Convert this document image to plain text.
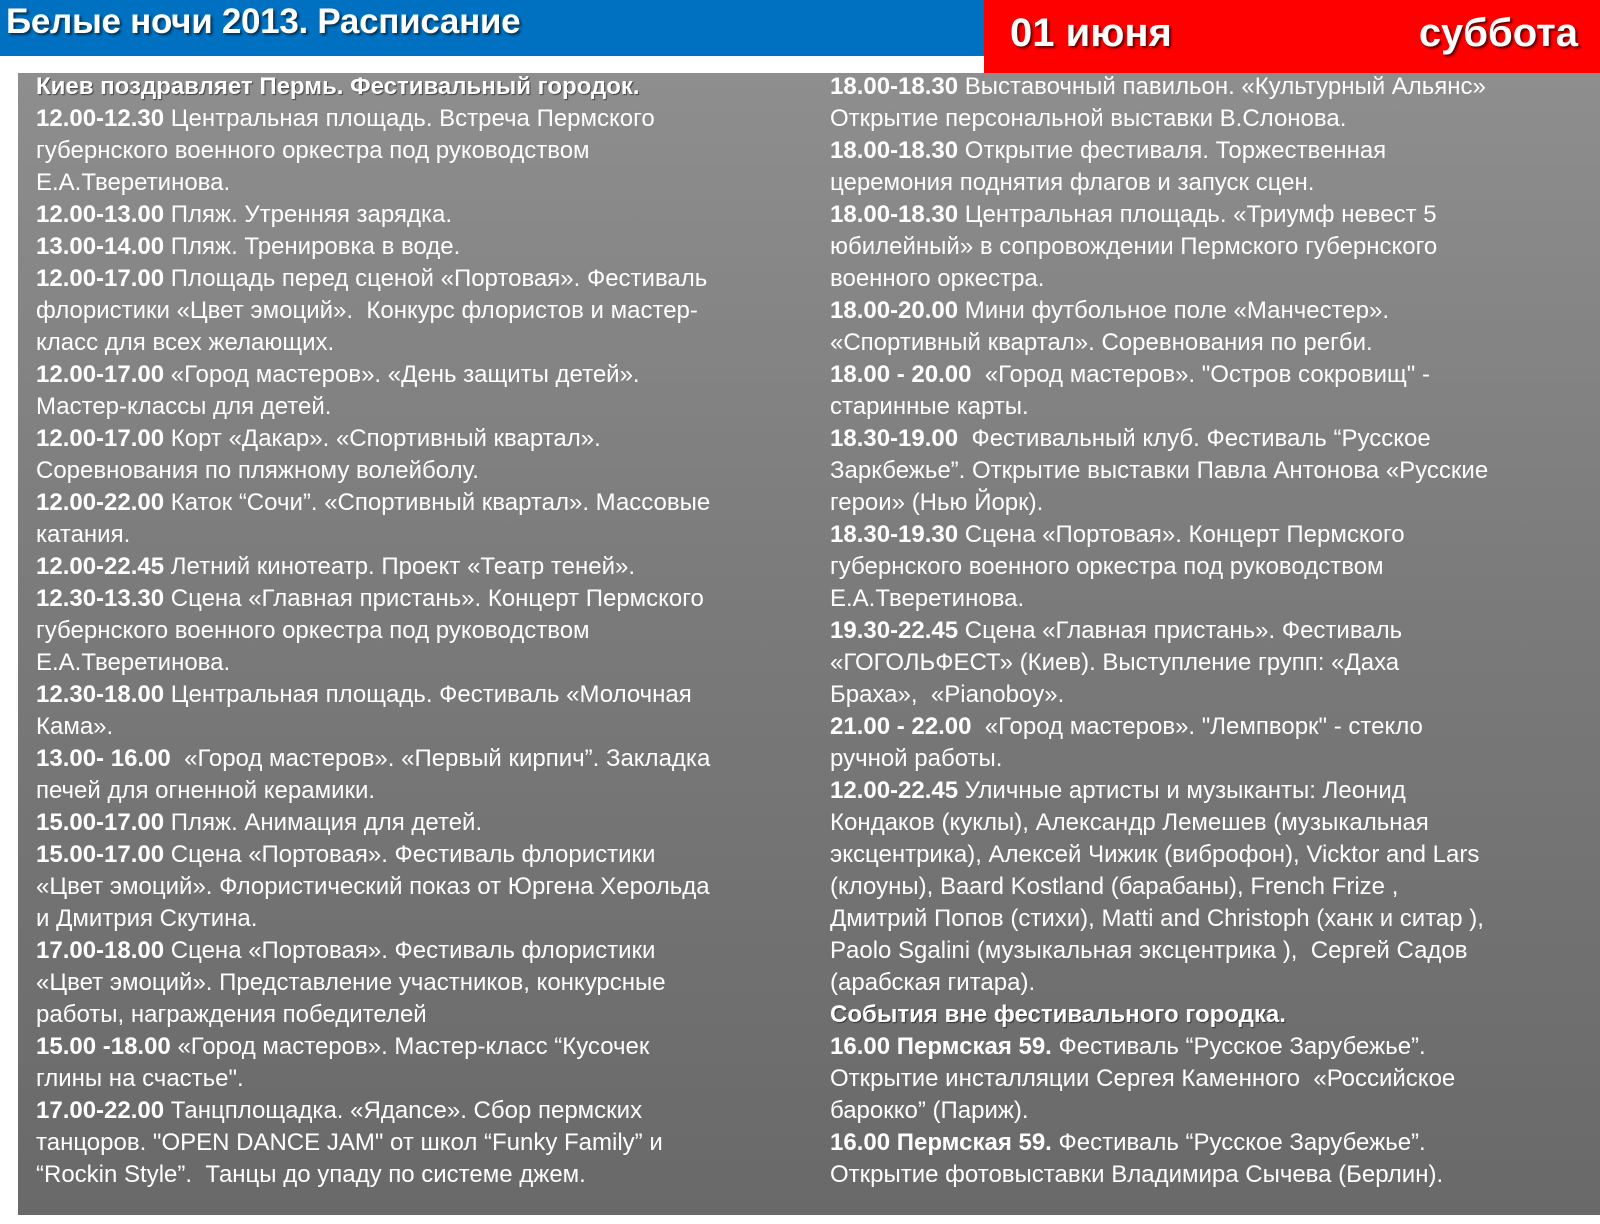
Белые ночи 2013. Расписание	01 июня	суббота
Киев поздравляет Пермь. Фестивальный городок.
12.00-12.30 Центральная площадь. Встреча Пермского
губернского военного оркестра под руководством
Е.А.Тверетинова.
12.00-13.00 Пляж. Утренняя зарядка.
13.00-14.00 Пляж. Тренировка в воде.
12.00-17.00 Площадь перед сценой «Портовая». Фестиваль
флористики «Цвет эмоций».  Конкурс флористов и мастер-
класс для всех желающих.
12.00-17.00 «Город мастеров». «День защиты детей».
Мастер-классы для детей.
12.00-17.00 Корт «Дакар». «Спортивный квартал».
Соревнования по пляжному волейболу.
12.00-22.00 Каток “Сочи”. «Спортивный квартал». Массовые
катания.
12.00-22.45 Летний кинотеатр. Проект «Театр теней».
12.30-13.30 Сцена «Главная пристань». Концерт Пермского
губернского военного оркестра под руководством
Е.А.Тверетинова.
12.30-18.00 Центральная площадь. Фестиваль «Молочная
Кама».
13.00- 16.00  «Город мастеров». «Первый кирпич”. Закладка
печей для огненной керамики.
15.00-17.00 Пляж. Анимация для детей.
15.00-17.00 Сцена «Портовая». Фестиваль флористики
«Цвет эмоций». Флористический показ от Юргена Херольда
и Дмитрия Скутина.
17.00-18.00 Сцена «Портовая». Фестиваль флористики
«Цвет эмоций». Представление участников, конкурсные
работы, награждения победителей
15.00 -18.00 «Город мастеров». Мастер-класс “Кусочек
глины на счастье".
17.00-22.00 Танцплощадка. «Ядance». Сбор пермских
танцоров. "OPEN DANCE JAM" от школ “Funky Family” и
“Rockin Style”.  Танцы до упаду по системе джем.
18.00-18.30 Выставочный павильон. «Культурный Альянс»
Открытие персональной выставки В.Слонова.
18.00-18.30 Открытие фестиваля. Торжественная
церемония поднятия флагов и запуск сцен.
18.00-18.30 Центральная площадь. «Триумф невест 5
юбилейный» в сопровождении Пермского губернского
военного оркестра.
18.00-20.00 Мини футбольное поле «Манчестер».
«Спортивный квартал». Соревнования по регби.
18.00 - 20.00  «Город мастеров». "Остров сокровищ" -
старинные карты.
18.30-19.00  Фестивальный клуб. Фестиваль “Русское
Заркбежье”. Открытие выставки Павла Антонова «Русские
герои» (Нью Йорк).
18.30-19.30 Сцена «Портовая». Концерт Пермского
губернского военного оркестра под руководством
Е.А.Тверетинова.
19.30-22.45 Сцена «Главная пристань». Фестиваль
«ГОГОЛЬФЕСТ» (Киев). Выступление групп: «Даха
Браха»,  «Pianoboy».
21.00 - 22.00  «Город мастеров». "Лемпворк" - стекло
ручной работы.
12.00-22.45 Уличные артисты и музыканты: Леонид
Кондаков (куклы), Александр Лемешев (музыкальная
эксцентрика), Алексей Чижик (виброфон), Vicktor and Lars
(клоуны), Baard Kostland (барабаны), French Frize ,
Дмитрий Попов (стихи), Matti and Christoph (ханк и ситар ),
Paolo Sgalini (музыкальная эксцентрика ),  Сергей Садов
(арабская гитара).
События вне фестивального городка.
16.00 Пермская 59. Фестиваль “Русское Зарубежье”.
Открытие инсталляции Сергея Каменного  «Российское
барокко” (Париж).
16.00 Пермская 59. Фестиваль “Русское Зарубежье”.
Открытие фотовыставки Владимира Сычева (Берлин).
